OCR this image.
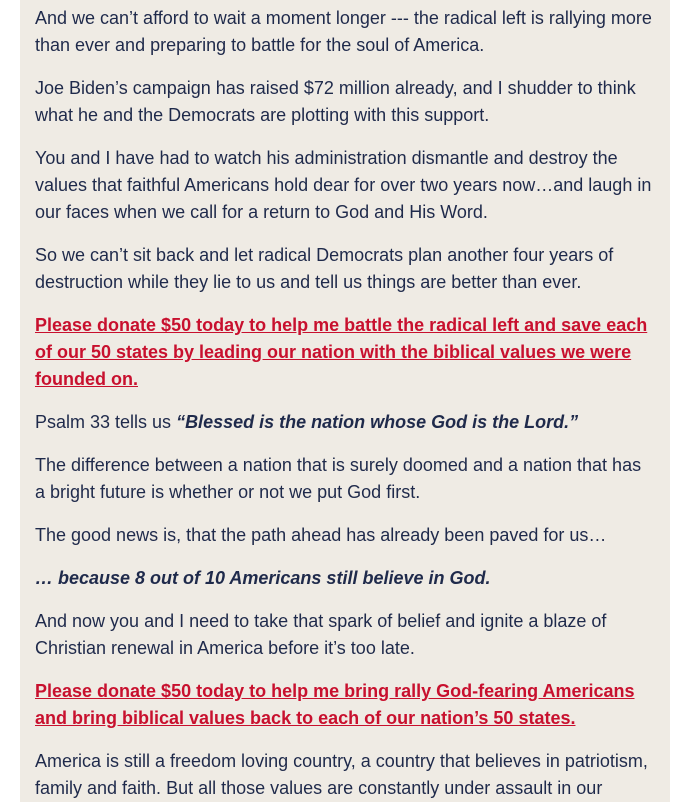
And we can’t afford to wait a moment longer --- the radical left is rallying more than ever and preparing to battle for the soul of America.

Joe Biden’s campaign has raised $72 million already, and I shudder to think what he and the Democrats are plotting with this support.

You and I have had to watch his administration dismantle and destroy the values that faithful Americans hold dear for over two years now…and laugh in our faces when we call for a return to God and His Word.

So we can’t sit back and let radical Democrats plan another four years of destruction while they lie to us and tell us things are better than ever.

Please donate $50 today to help me battle the radical left and save each of our 50 states by leading our nation with the biblical values we were founded on.

Psalm 33 tells us “Blessed is the nation whose God is the Lord.”

The difference between a nation that is surely doomed and a nation that has a bright future is whether or not we put God first.

The good news is, that the path ahead has already been paved for us…

… because 8 out of 10 Americans still believe in God.

And now you and I need to take that spark of belief and ignite a blaze of Christian renewal in America before it’s too late.

Please donate $50 today to help me bring rally God-fearing Americans and bring biblical values back to each of our nation’s 50 states.

America is still a freedom loving country, a country that believes in patriotism, family and faith. But all those values are constantly under assault in our
